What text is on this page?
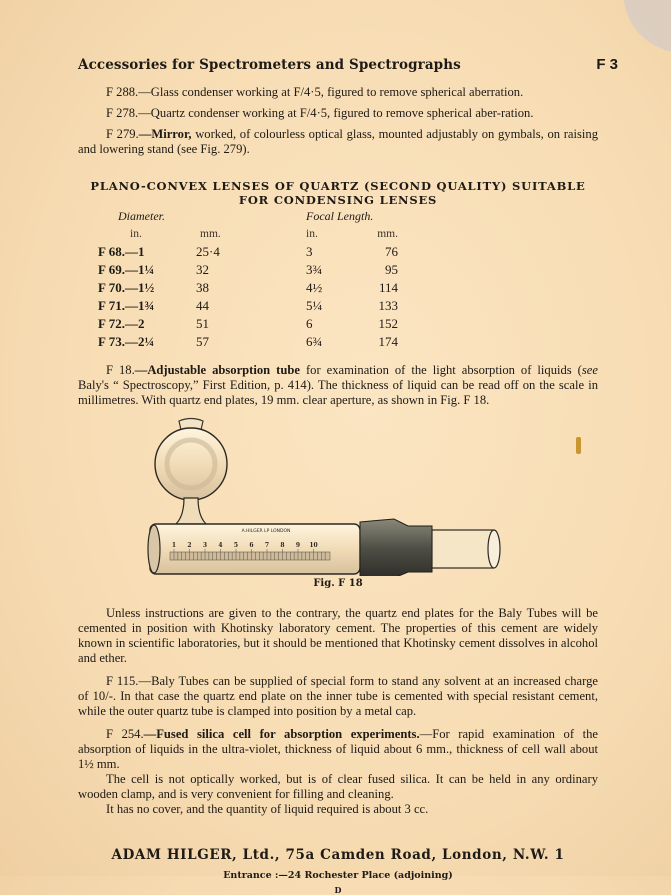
Accessories for Spectrometers and Spectrographs	F 3

F 288.—Glass condenser working at F/4·5, figured to remove spherical aberration.

F 278.—Quartz condenser working at F/4·5, figured to remove spherical aber-ration.

F 279.—Mirror, worked, of colourless optical glass, mounted adjustably on gymbals, on raising and lowering stand (see Fig. 279).

PLANO-CONVEX LENSES OF QUARTZ (SECOND QUALITY) SUITABLE
FOR CONDENSING LENSES
Diameter.		Focal Length.	
in.	mm.	in.	mm.
F 68.—1	25·4	3	76
F 69.—1¼	32	3¾	95
F 70.—1½	38	4½	114
F 71.—1¾	44	5¼	133
F 72.—2	51	6	152
F 73.—2¼	57	6¾	174

F 18.—Adjustable absorption tube for examination of the light absorption of liquids (see Baly's “ Spectroscopy,” First Edition, p. 414). The thickness of liquid can be read off on the scale in millimetres. With quartz end plates, 19 mm. clear aperture, as shown in Fig. F 18.

1 2 3 4 5 6 7 8 9 10
A.HILGER LP LONDON
Fig. F 18

Unless instructions are given to the contrary, the quartz end plates for the Baly Tubes will be cemented in position with Khotinsky laboratory cement. The properties of this cement are widely known in scientific laboratories, but it should be mentioned that Khotinsky cement dissolves in alcohol and ether.

F 115.—Baly Tubes can be supplied of special form to stand any solvent at an increased charge of 10/-. In that case the quartz end plate on the inner tube is cemented with special resistant cement, while the outer quartz tube is clamped into position by a metal cap.

F 254.—Fused silica cell for absorption experiments.—For rapid examination of the absorption of liquids in the ultra-violet, thickness of liquid about 6 mm., thickness of cell wall about 1½ mm.

The cell is not optically worked, but is of clear fused silica. It can be held in any ordinary wooden clamp, and is very convenient for filling and cleaning.

It has no cover, and the quantity of liquid required is about 3 cc.

ADAM HILGER, Ltd., 75a Camden Road, London, N.W. 1
Entrance :—24 Rochester Place (adjoining)
D
